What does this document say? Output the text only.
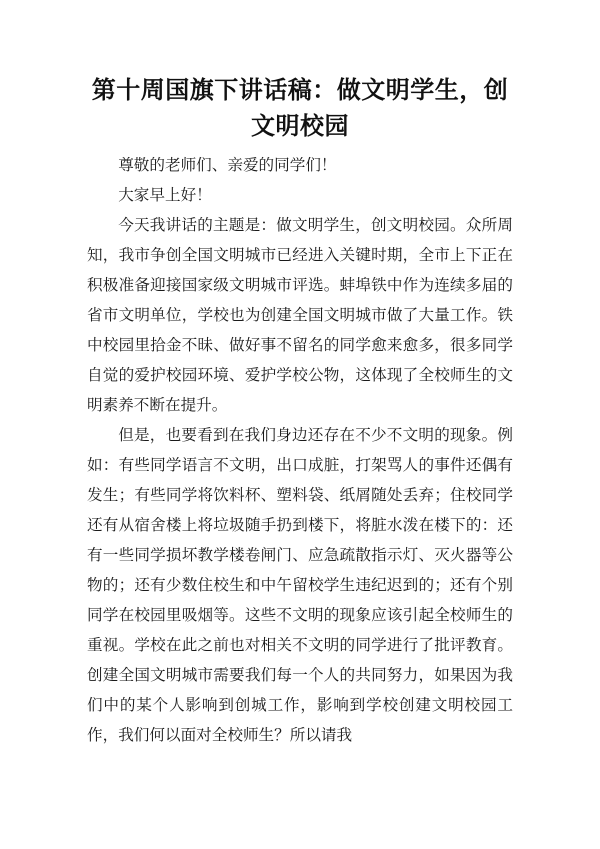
第十周国旗下讲话稿：做文明学生，创文明校园

尊敬的老师们、亲爱的同学们！

大家早上好！

今天我讲话的主题是：做文明学生，创文明校园。众所周知，我市争创全国文明城市已经进入关键时期，全市上下正在积极准备迎接国家级文明城市评选。蚌埠铁中作为连续多届的省市文明单位，学校也为创建全国文明城市做了大量工作。铁中校园里拾金不昧、做好事不留名的同学愈来愈多，很多同学自觉的爱护校园环境、爱护学校公物，这体现了全校师生的文明素养不断在提升。

但是，也要看到在我们身边还存在不少不文明的现象。例如：有些同学语言不文明，出口成脏，打架骂人的事件还偶有发生；有些同学将饮料杯、塑料袋、纸屑随处丢弃；住校同学还有从宿舍楼上将垃圾随手扔到楼下，将脏水泼在楼下的：还有一些同学损坏教学楼卷闸门、应急疏散指示灯、灭火器等公物的；还有少数住校生和中午留校学生违纪迟到的；还有个别同学在校园里吸烟等。这些不文明的现象应该引起全校师生的重视。学校在此之前也对相关不文明的同学进行了批评教育。创建全国文明城市需要我们每一个人的共同努力，如果因为我们中的某个人影响到创城工作，影响到学校创建文明校园工作，我们何以面对全校师生？所以请我
